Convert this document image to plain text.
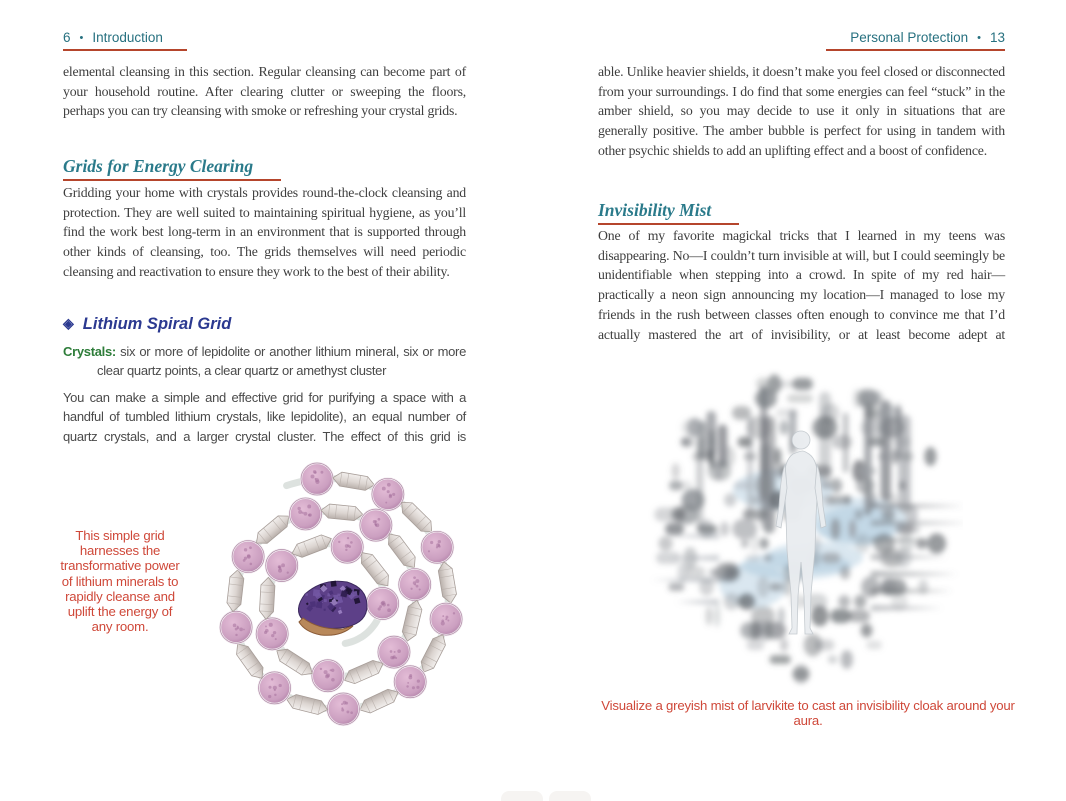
6 • Introduction

elemental cleansing in this section. Regular cleansing can become part of your household routine. After clearing clutter or sweeping the floors, perhaps you can try cleansing with smoke or refreshing your crystal grids.

Grids for Energy Clearing

Gridding your home with crystals provides round-the-clock cleansing and protection. They are well suited to maintaining spiritual hygiene, as you’ll find the work best long-term in an environment that is supported through other kinds of cleansing, too. The grids themselves will need periodic cleansing and reactivation to ensure they work to the best of their ability.

◈ Lithium Spiral Grid

Crystals: six or more of lepidolite or another lithium mineral, six or more clear quartz points, a clear quartz or amethyst cluster

You can make a simple and effective grid for purifying a space with a handful of tumbled lithium crystals, like lepidolite), an equal number of quartz crystals, and a larger crystal cluster. The effect of this grid is

This simple grid harnesses the transformative power of lithium minerals to rapidly cleanse and uplift the energy of any room.
Personal Protection • 13

able. Unlike heavier shields, it doesn’t make you feel closed or disconnected from your surroundings. I do find that some energies can feel “stuck” in the amber shield, so you may decide to use it only in situations that are generally positive. The amber bubble is perfect for using in tandem with other psychic shields to add an uplifting effect and a boost of confidence.

Invisibility Mist

One of my favorite magickal tricks that I learned in my teens was disappearing. No—I couldn’t turn invisible at will, but I could seemingly be unidentifiable when stepping into a crowd. In spite of my red hair—practically a neon sign announcing my location—I managed to lose my friends in the rush between classes often enough to convince me that I’d actually mastered the art of invisibility, or at least become adept at

Visualize a greyish mist of larvikite to cast an invisibility cloak around your aura.
